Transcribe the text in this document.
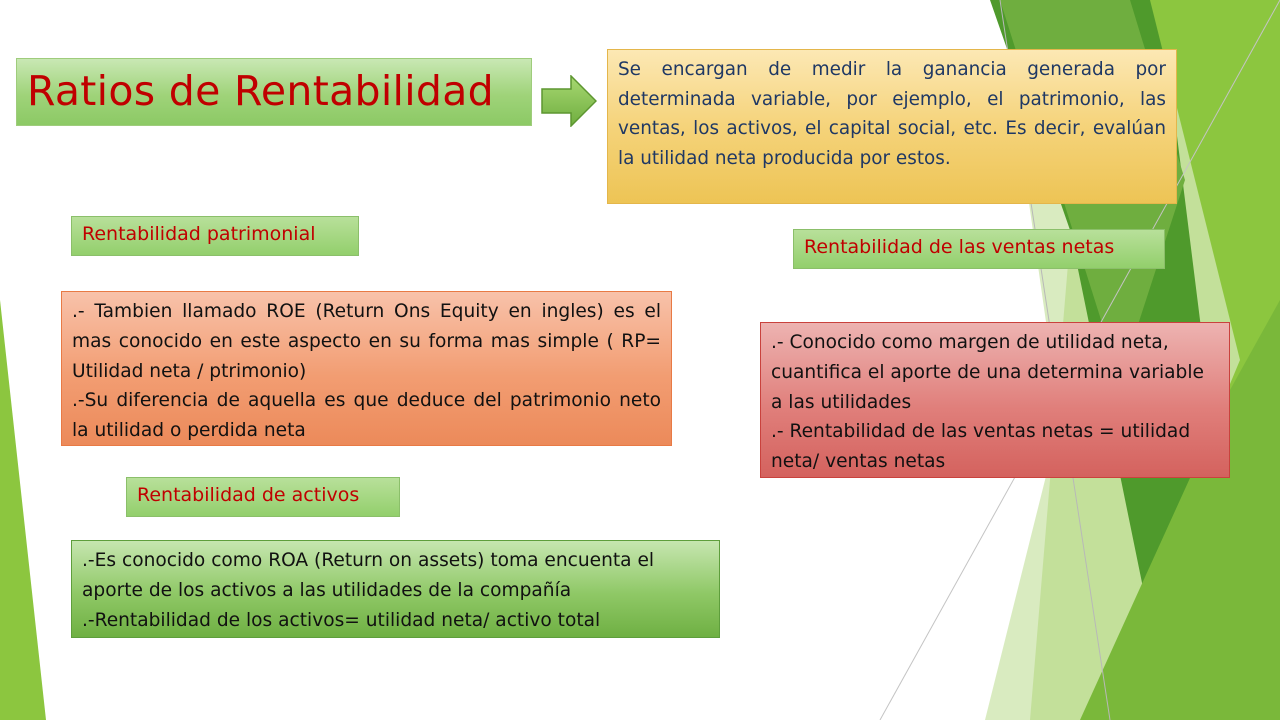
Ratios de Rentabilidad	Se encargan de medir la ganancia generada por determinada variable, por ejemplo, el patrimonio, las ventas, los activos, el capital social, etc. Es decir, evalúan la utilidad neta producida por estos.
Rentabilidad patrimonial

.- Tambien llamado ROE (Return Ons Equity en ingles) es el mas conocido en este aspecto en su forma mas simple ( RP= Utilidad neta / ptrimonio)

.-Su diferencia de aquella es que deduce del patrimonio neto la utilidad o perdida neta

Rentabilidad de las ventas netas

.- Conocido como margen de utilidad neta, cuantifica el aporte de una determina variable a las utilidades

.- Rentabilidad de las ventas netas = utilidad neta/ ventas netas

Rentabilidad de activos

.-Es conocido como ROA (Return on assets) toma encuenta el aporte de los activos a las utilidades de la compañía

.-Rentabilidad de los activos= utilidad neta/ activo total
